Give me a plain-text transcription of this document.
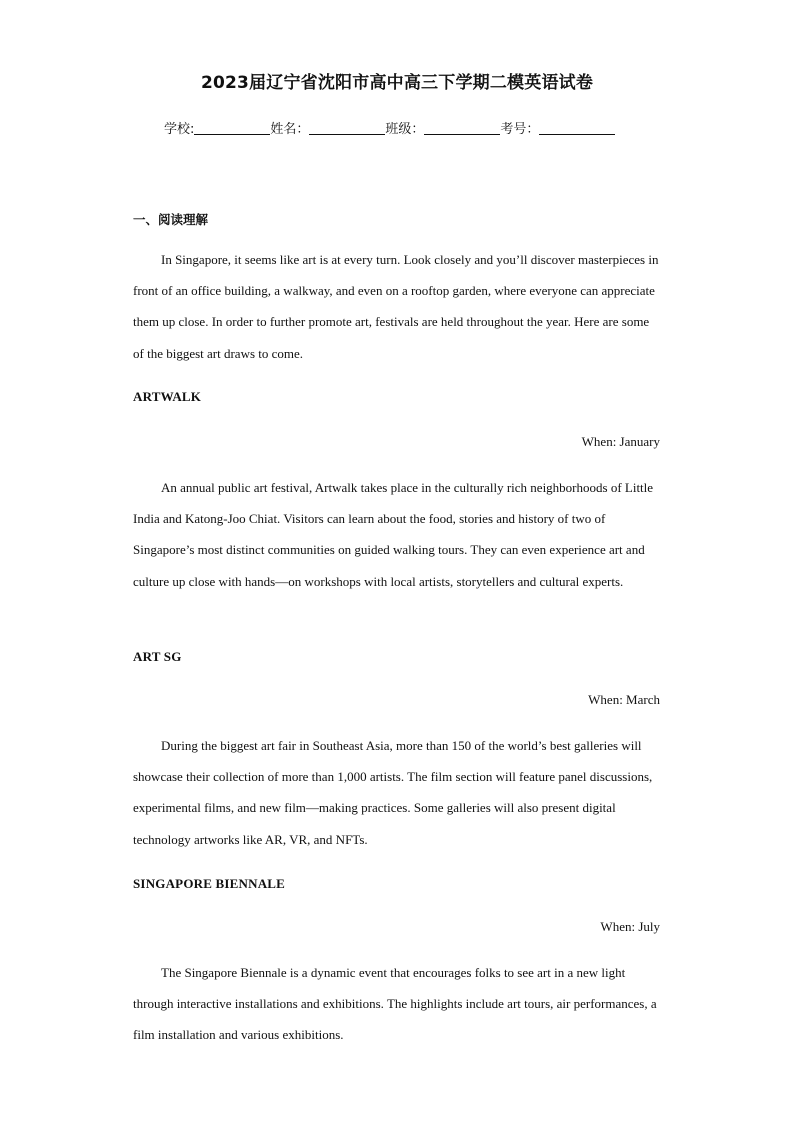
2023届辽宁省沈阳市高中高三下学期二模英语试卷
学校:	姓名：	班级：	考号：
一、阅读理解

In Singapore, it seems like art is at every turn. Look closely and you’ll discover masterpieces in front of an office building, a walkway, and even on a rooftop garden, where everyone can appreciate them up close. In order to further promote art, festivals are held throughout the year. Here are some of the biggest art draws to come.

ARTWALK
When: January

An annual public art festival, Artwalk takes place in the culturally rich neighborhoods of Little India and Katong-Joo Chiat. Visitors can learn about the food, stories and history of two of Singapore’s most distinct communities on guided walking tours. They can even experience art and culture up close with hands—on workshops with local artists, storytellers and cultural experts.

ART SG
When: March

During the biggest art fair in Southeast Asia, more than 150 of the world’s best galleries will showcase their collection of more than 1,000 artists. The film section will feature panel discussions, experimental films, and new film—making practices. Some galleries will also present digital technology artworks like AR, VR, and NFTs.

SINGAPORE BIENNALE
When: July

The Singapore Biennale is a dynamic event that encourages folks to see art in a new light through interactive installations and exhibitions. The highlights include art tours, air performances, a film installation and various exhibitions.
